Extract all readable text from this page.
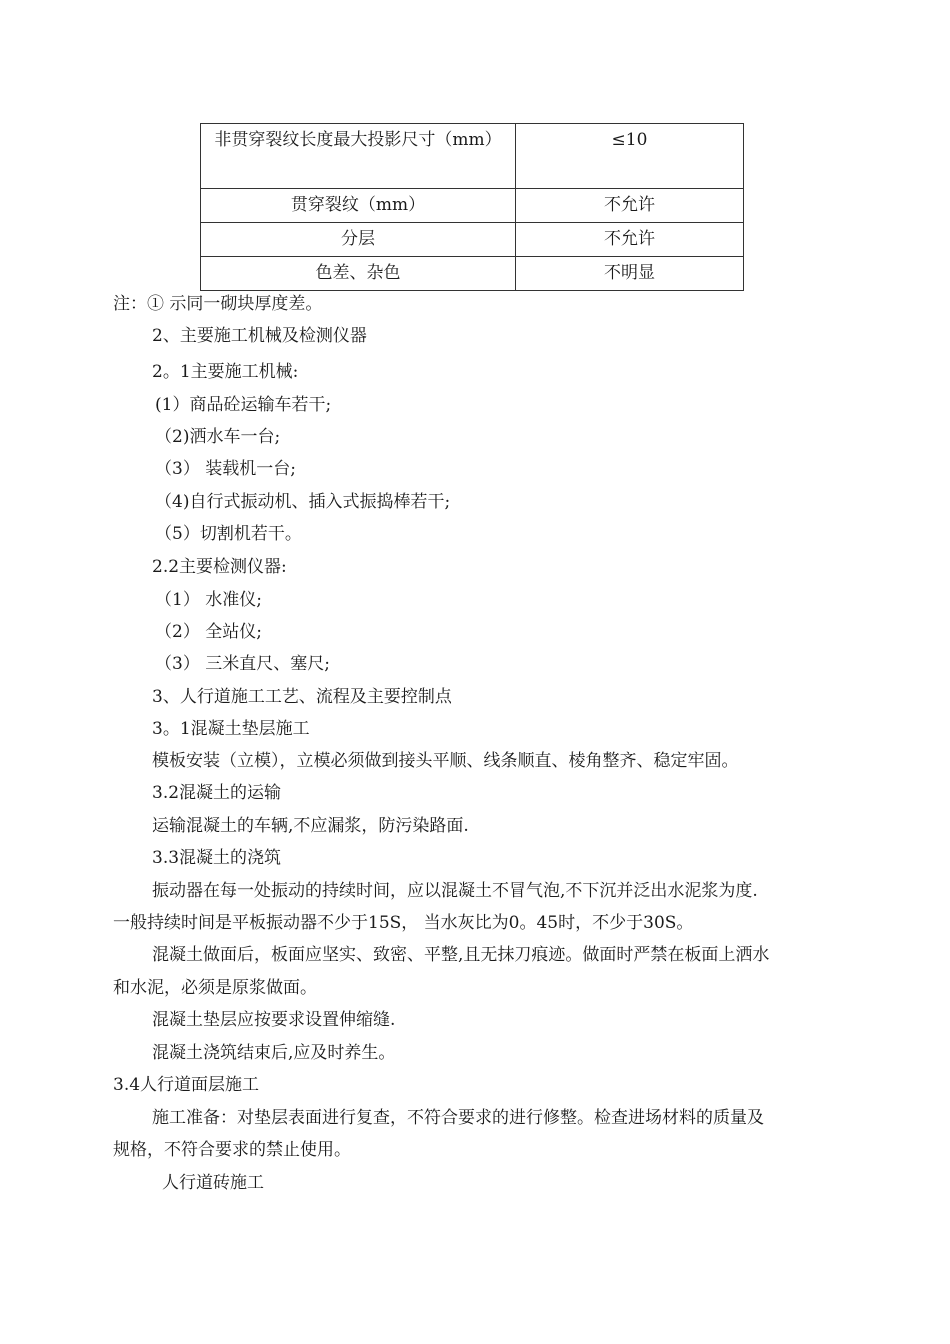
非贯穿裂纹长度最大投影尺寸（mm）	≤10
贯穿裂纹（mm）	不允许
分层	不允许
色差、杂色	不明显
注：① 示同一砌块厚度差。
2、主要施工机械及检测仪器
2。1主要施工机械:
(1）商品砼运输车若干;
（2)洒水车一台;
（3） 装载机一台;
（4)自行式振动机、插入式振捣棒若干;
（5）切割机若干。
2.2主要检测仪器:
（1） 水准仪;
（2） 全站仪;
（3） 三米直尺、塞尺;
3、人行道施工工艺、流程及主要控制点
3。1混凝土垫层施工
模板安装（立模），立模必须做到接头平顺、线条顺直、棱角整齐、稳定牢固。
3.2混凝土的运输
运输混凝土的车辆,不应漏浆，防污染路面.
3.3混凝土的浇筑
振动器在每一处振动的持续时间，应以混凝土不冒气泡,不下沉并泛出水泥浆为度.
一般持续时间是平板振动器不少于15S， 当水灰比为0。45时，不少于30S。
混凝土做面后，板面应坚实、致密、平整,且无抹刀痕迹。做面时严禁在板面上洒水
和水泥，必须是原浆做面。
混凝土垫层应按要求设置伸缩缝.
混凝土浇筑结束后,应及时养生。
3.4人行道面层施工
施工准备：对垫层表面进行复查，不符合要求的进行修整。检查进场材料的质量及
规格，不符合要求的禁止使用。
人行道砖施工
